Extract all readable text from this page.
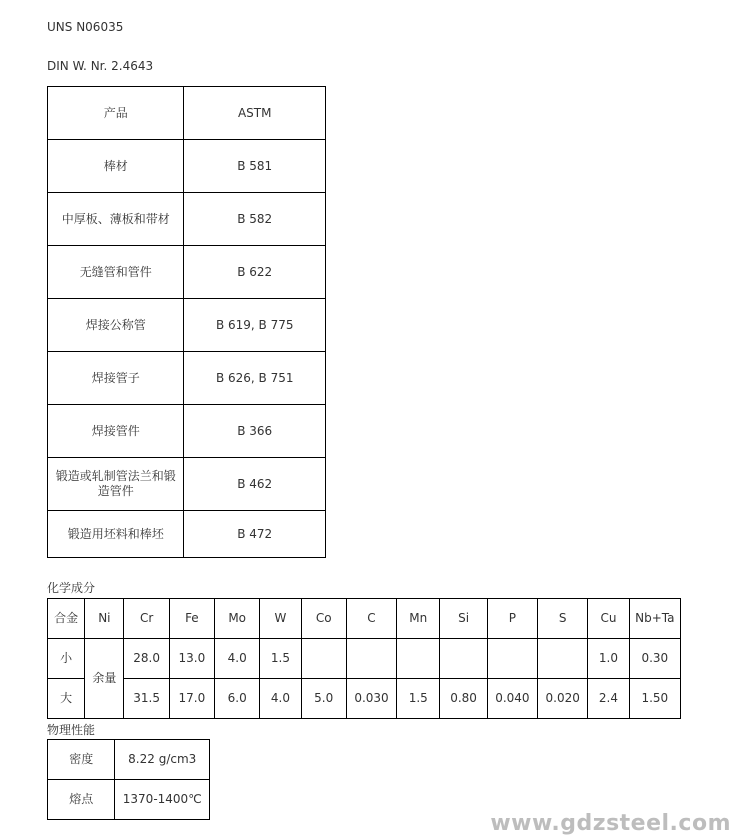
UNS N06035
DIN W. Nr. 2.4643
产品	ASTM
棒材	B 581
中厚板、薄板和带材	B 582
无缝管和管件	B 622
焊接公称管	B 619, B 775
焊接管子	B 626, B 751
焊接管件	B 366
锻造或轧制管法兰和锻造管件	B 462
锻造用坯料和棒坯	B 472
化学成分
合金	Ni	Cr	Fe	Mo	W	Co	C	Mn	Si	P	S	Cu	Nb+Ta
小	余量	28.0	13.0	4.0	1.5							1.0	0.30
大		31.5	17.0	6.0	4.0	5.0	0.030	1.5	0.80	0.040	0.020	2.4	1.50
物理性能
密度	8.22 g/cm3
熔点	1370-1400℃
www.gdzsteel.com
